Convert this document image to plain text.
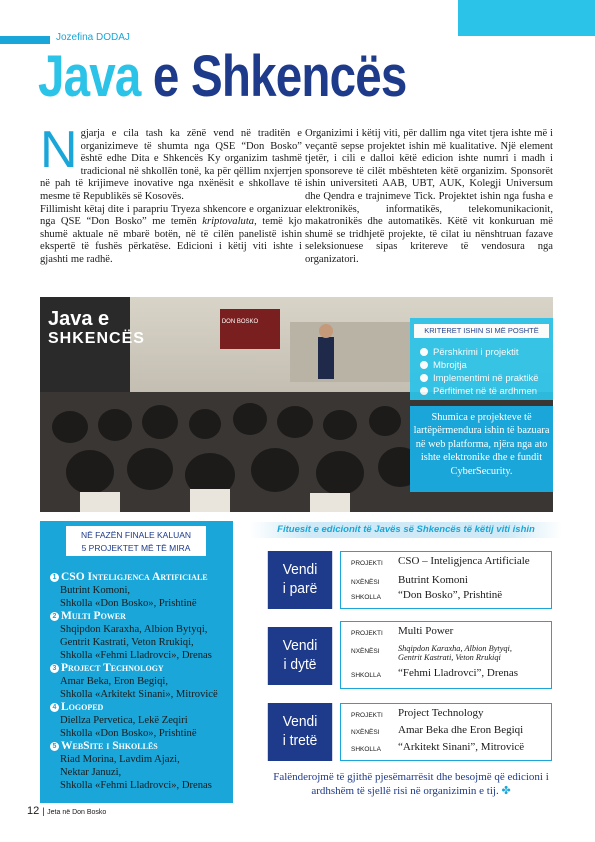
Jozefina DODAJ
Java e Shkencës
N gjarja e cila tash ka zënë vend në traditën e organizimeve të shumta nga QSE “Don Bosko” është edhe Dita e Shkencës Ky organizim tashmë tradicional në shkollën tonë, ka për qëllim nxjerrjen në pah të krijimeve inovative nga nxënësit e shkollave të mesme të Republikës së Kosovës.
Fillimisht këtaj dite i parapriu Tryeza shkencore e organizuar nga QSE “Don Bosko” me temën kriptovaluta, temë kjo shumë aktuale në mbarë botën, në të cilën panelistë ishin ekspertë të fushës përkatëse. Edicioni i këtij viti ishte i gjashti me radhë.
Organizimi i këtij viti, për dallim nga vitet tjera ishte më i veçantë sepse projektet ishin më kualitative. Një element tjetër, i cili e dalloi këtë edicion ishte numri i madh i sponsoreve të cilët mbështeten këtë organizim. Sponsorët ishin universiteti AAB, UBT, AUK, Kolegji Universum dhe Qendra e trajnimeve Tick. Projektet ishin nga fusha e elektronikës, informatikës, telekomunikacionit, makatronikës dhe automatikës. Këtë vit konkuruan më shumë se tridhjetë projekte, të cilat iu nënshtruan fazave seleksionuese sipas kritereve të vendosura nga organizatori.
Java e
SHKENCËS
DON BOSKO
KRITERET ISHIN SI MË POSHTË
Përshkrimi i projektit
Mbrojtja
Implementimi në praktikë
Përfitimet në të ardhmen
Shumica e projekteve të lartëpërmendura ishin të bazuara në web platforma, njëra nga ato ishte elektronike dhe e fundit CyberSecurity.
NË FAZËN FINALE KALUAN
5 PROJEKTET MË TË MIRA
1 CSO Inteligjenca Artificiale
Butrint Komoni,
Shkolla «Don Bosko», Prishtinë
2 Multi Power
Shqipdon Karaxha, Albion Bytyqi,
Gentrit Kastrati, Veton Rrukiqi,
Shkolla «Fehmi Lladrovci», Drenas
3 Project Technology
Amar Beka, Eron Begiqi,
Shkolla «Arkitekt Sinani», Mitrovicë
4 Logoped
Diellza Pervetica, Lekë Zeqiri
Shkolla «Don Bosko», Prishtinë
5 WebSite i Shkollës
Riad Morina, Lavdim Ajazi,
Nektar Januzi,
Shkolla «Fehmi Lladrovci», Drenas
Fituesit e edicionit të Javës së Shkencës të këtij viti ishin
Vendi
i parë
PROJEKTI CSO – Inteligjenca Artificiale
NXËNËSI Butrint Komoni
SHKOLLA “Don Bosko”, Prishtinë
Vendi
i dytë
PROJEKTI Multi Power
NXËNËSI Shqipdon Karaxha, Albion Bytyqi,
Gentrit Kastrati, Veton Rrukiqi
SHKOLLA “Fehmi Lladrovci”, Drenas
Vendi
i tretë
PROJEKTI Project Technology
NXËNËSI Amar Beka dhe Eron Begiqi
SHKOLLA “Arkitekt Sinani”, Mitrovicë
Falënderojmë të gjithë pjesëmarrësit dhe besojmë që edicioni i ardhshëm të sjellë risi në organizimin e tij. ✤
12 | Jeta në Don Bosko
